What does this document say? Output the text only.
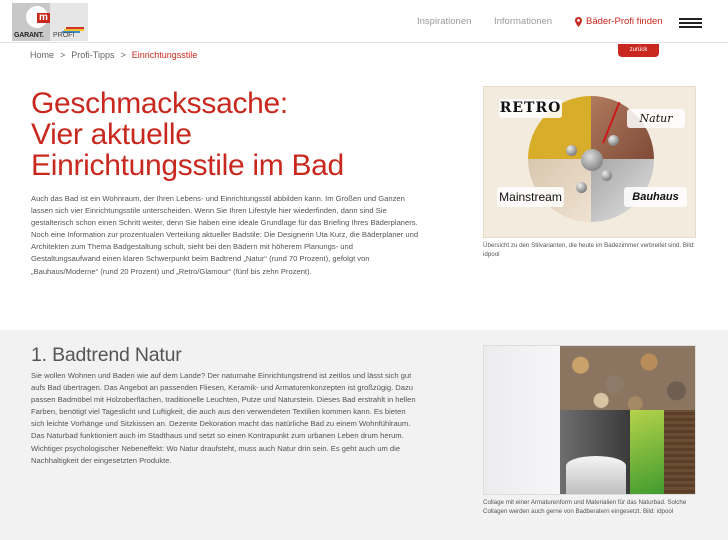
m
GARANT. PROFI
Inspirationen Informationen	Bäder-Profi finden
Home > Profi-Tipps > Einrichtungsstile	zurück
Geschmackssache:
Vier aktuelle
Einrichtungsstile im Bad

Auch das Bad ist ein Wohnraum, der Ihren Lebens- und Einrichtungsstil abbilden kann. Im Großen und Ganzen lassen sich vier Einrichtungsstile unterscheiden. Wenn Sie Ihren Lifestyle hier wiederfinden, dann sind Sie gestalterisch schon einen Schritt weiter, denn Sie haben eine ideale Grundlage für das Briefing Ihres Bäderplaners. Noch eine Information zur prozentualen Verteilung aktueller Badstile: Die Designerin Uta Kurz, die Bäderplaner und Architekten zum Thema Badgestaltung schult, sieht bei den Bädern mit höherem Planungs- und Gestaltungsaufwand einen klaren Schwerpunkt beim Badtrend „Natur“ (rund 70 Prozent), gefolgt von „Bauhaus/Moderne“ (rund 20 Prozent) und „Retro/Glamour“ (fünf bis zehn Prozent).

RETRO
Natur
Mainstream	Bauhaus

Übersicht zu den Stilvarianten, die heute im Badezimmer verbreitet sind. Bild: idpool

1. Badtrend Natur

Sie wollen Wohnen und Baden wie auf dem Lande? Der naturnahe Einrichtungstrend ist zeitlos und lässt sich gut aufs Bad übertragen. Das Angebot an passenden Fliesen, Keramik- und Armaturenkonzepten ist großzügig. Dazu passen Badmöbel mit Holzoberflächen, traditionelle Leuchten, Putze und Naturstein. Dieses Bad erstrahlt in hellen Farben, benötigt viel Tageslicht und Luftigkeit, die auch aus den verwendeten Textilien kommen kann. Es bieten sich leichte Vorhänge und Sitzkissen an. Dezente Dekoration macht das natürliche Bad zu einem Wohnfühlraum. Das Naturbad funktioniert auch im Stadthaus und setzt so einen Kontrapunkt zum urbanen Leben drum herum. Wichtiger psychologischer Nebeneffekt: Wo Natur draufsteht, muss auch Natur drin sein. Es geht auch um die Nachhaltigkeit der eingesetzten Produkte.

Collage mit einer Armaturenform und Materialien für das Naturbad. Solche Collagen werden auch gerne von Badberatern eingesetzt. Bild: idpool
